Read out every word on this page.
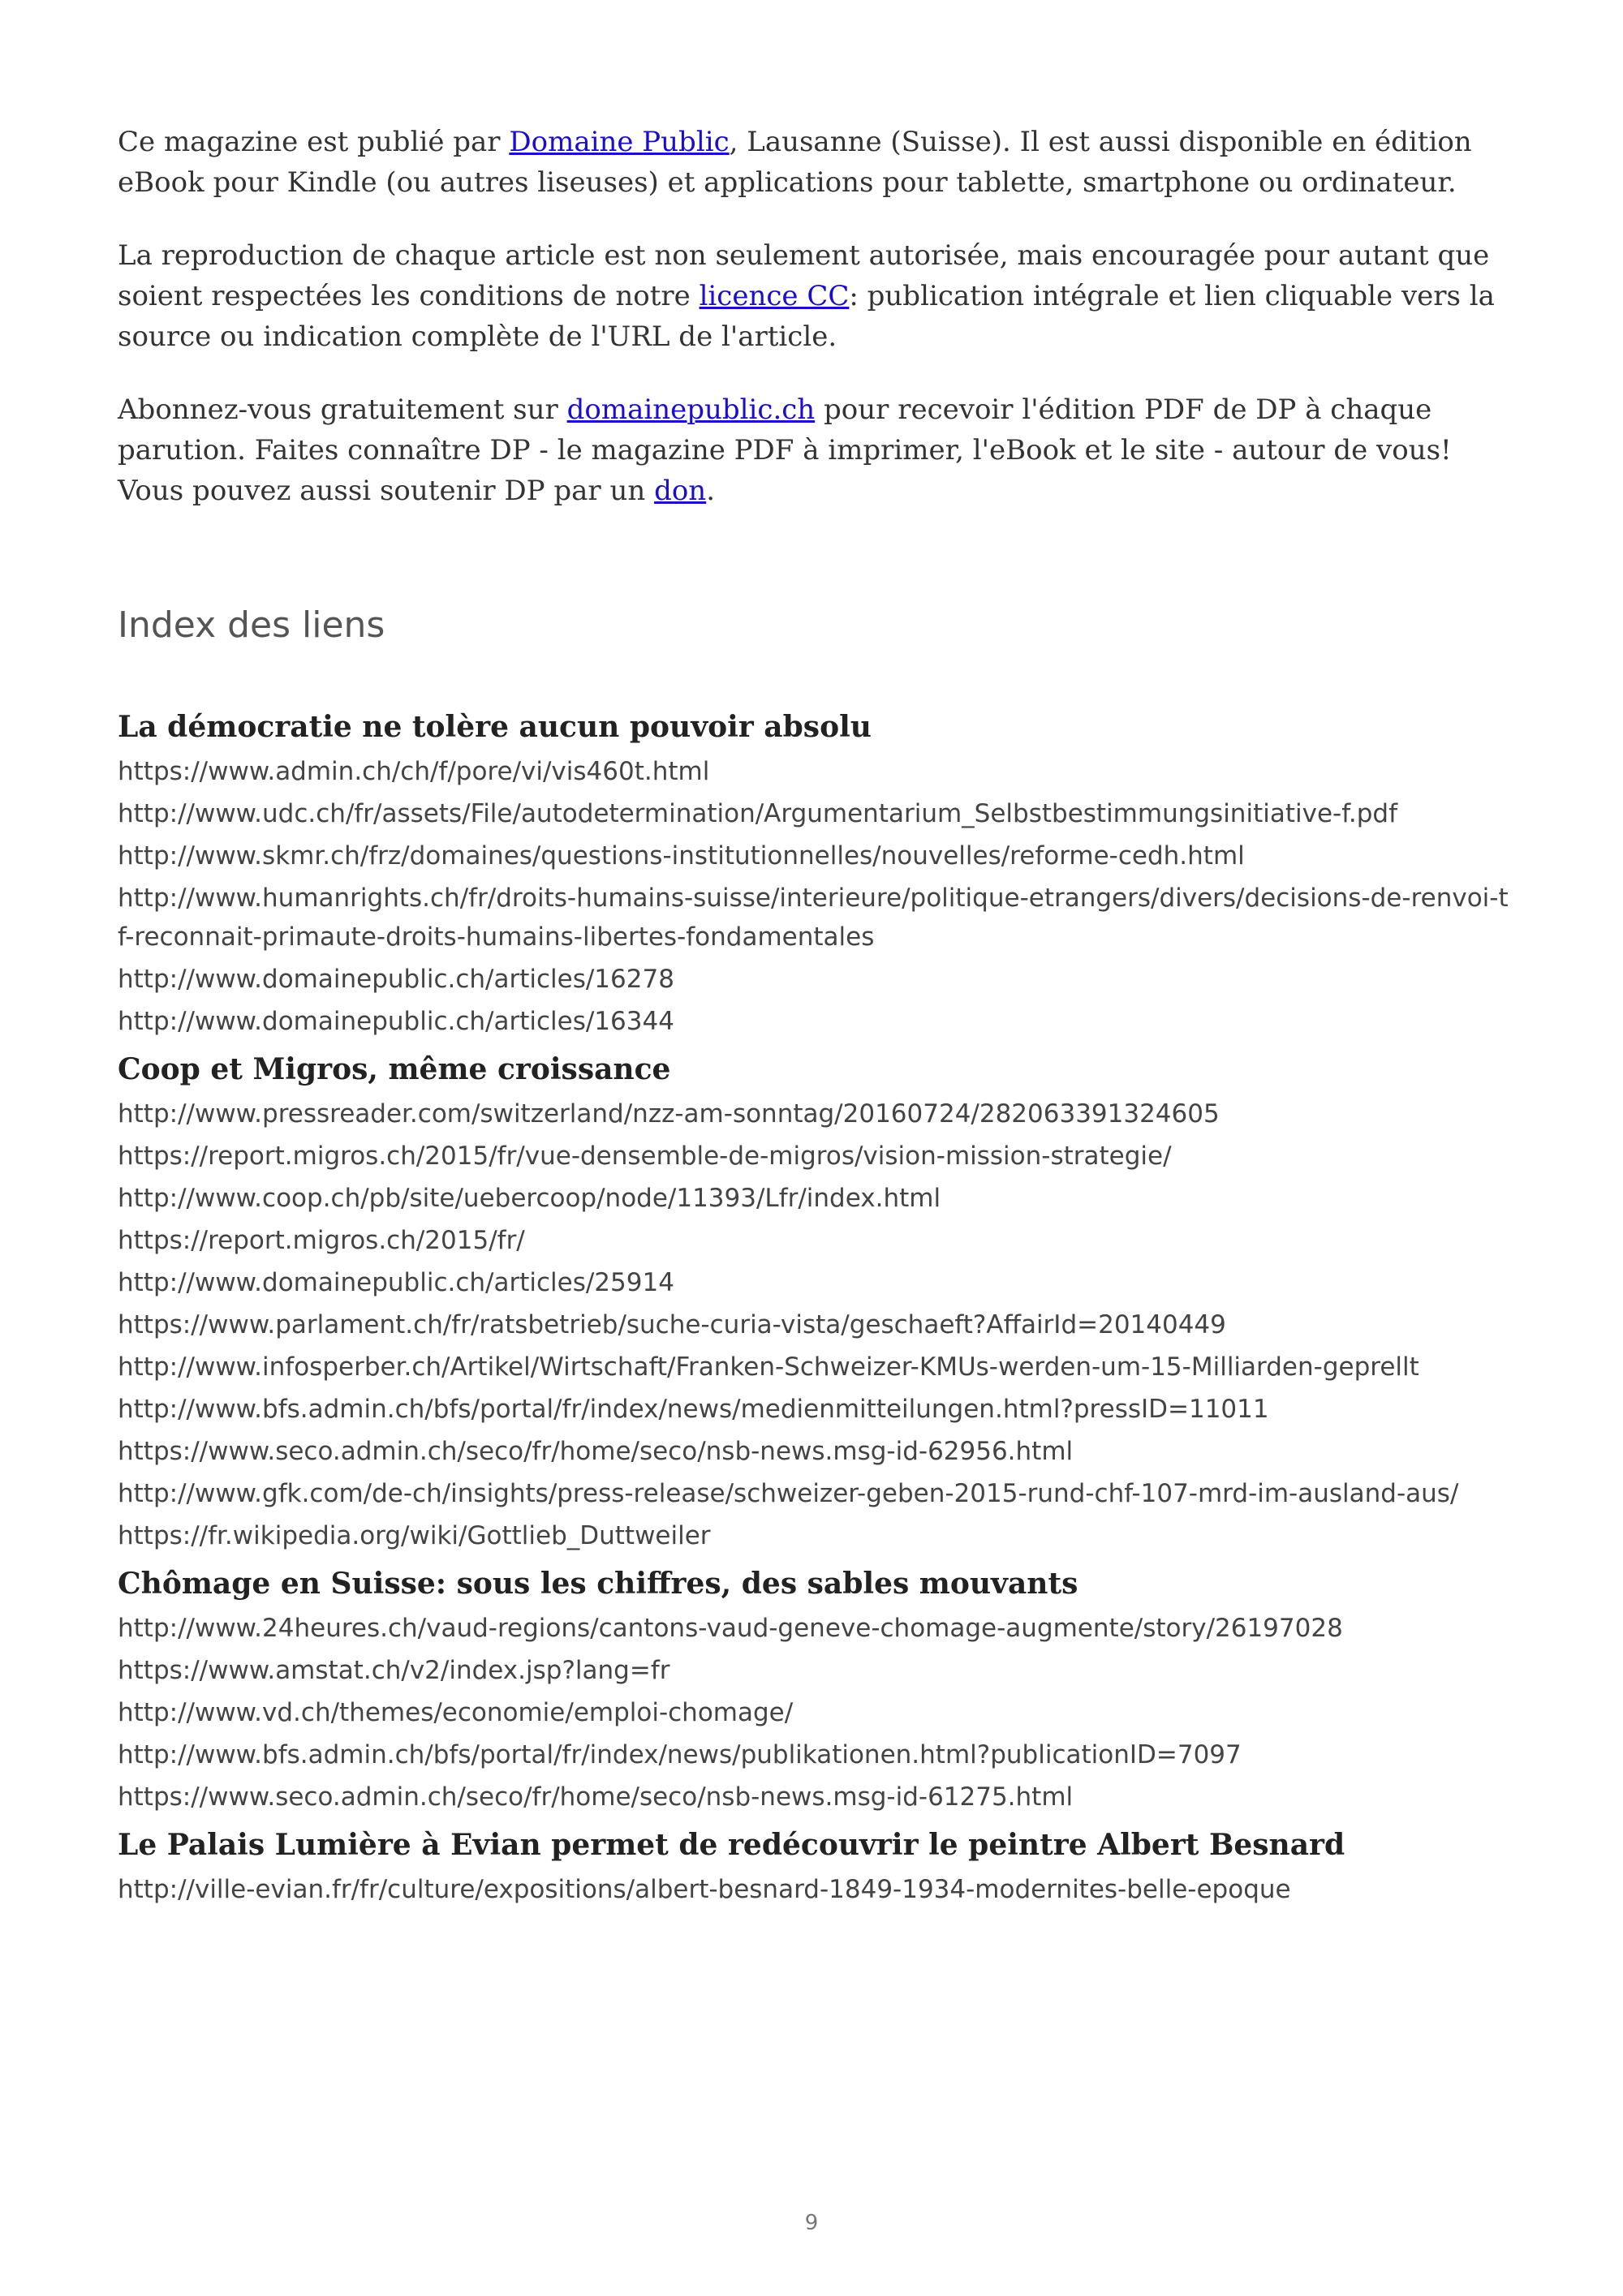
Ce magazine est publié par Domaine Public, Lausanne (Suisse). Il est aussi disponible en édition eBook pour Kindle (ou autres liseuses) et applications pour tablette, smartphone ou ordinateur.

La reproduction de chaque article est non seulement autorisée, mais encouragée pour autant que soient respectées les conditions de notre licence CC: publication intégrale et lien cliquable vers la source ou indication complète de l'URL de l'article.

Abonnez-vous gratuitement sur domainepublic.ch pour recevoir l'édition PDF de DP à chaque parution. Faites connaître DP - le magazine PDF à imprimer, l'eBook et le site - autour de vous! Vous pouvez aussi soutenir DP par un don.

Index des liens
La démocratie ne tolère aucun pouvoir absolu
https://www.admin.ch/ch/f/pore/vi/vis460t.html
http://www.udc.ch/fr/assets/File/autodetermination/Argumentarium_Selbstbestimmungsinitiative-f.pdf
http://www.skmr.ch/frz/domaines/questions-institutionnelles/nouvelles/reforme-cedh.html
http://www.humanrights.ch/fr/droits-humains-suisse/interieure/politique-etrangers/divers/decisions-de-renvoi-tf-reconnait-primaute-droits-humains-libertes-fondamentales
http://www.domainepublic.ch/articles/16278
http://www.domainepublic.ch/articles/16344
Coop et Migros, même croissance
http://www.pressreader.com/switzerland/nzz-am-sonntag/20160724/282063391324605
https://report.migros.ch/2015/fr/vue-densemble-de-migros/vision-mission-strategie/
http://www.coop.ch/pb/site/uebercoop/node/11393/Lfr/index.html
https://report.migros.ch/2015/fr/
http://www.domainepublic.ch/articles/25914
https://www.parlament.ch/fr/ratsbetrieb/suche-curia-vista/geschaeft?AffairId=20140449
http://www.infosperber.ch/Artikel/Wirtschaft/Franken-Schweizer-KMUs-werden-um-15-Milliarden-geprellt
http://www.bfs.admin.ch/bfs/portal/fr/index/news/medienmitteilungen.html?pressID=11011
https://www.seco.admin.ch/seco/fr/home/seco/nsb-news.msg-id-62956.html
http://www.gfk.com/de-ch/insights/press-release/schweizer-geben-2015-rund-chf-107-mrd-im-ausland-aus/
https://fr.wikipedia.org/wiki/Gottlieb_Duttweiler
Chômage en Suisse: sous les chiffres, des sables mouvants
http://www.24heures.ch/vaud-regions/cantons-vaud-geneve-chomage-augmente/story/26197028
https://www.amstat.ch/v2/index.jsp?lang=fr
http://www.vd.ch/themes/economie/emploi-chomage/
http://www.bfs.admin.ch/bfs/portal/fr/index/news/publikationen.html?publicationID=7097
https://www.seco.admin.ch/seco/fr/home/seco/nsb-news.msg-id-61275.html
Le Palais Lumière à Evian permet de redécouvrir le peintre Albert Besnard
http://ville-evian.fr/fr/culture/expositions/albert-besnard-1849-1934-modernites-belle-epoque
9
